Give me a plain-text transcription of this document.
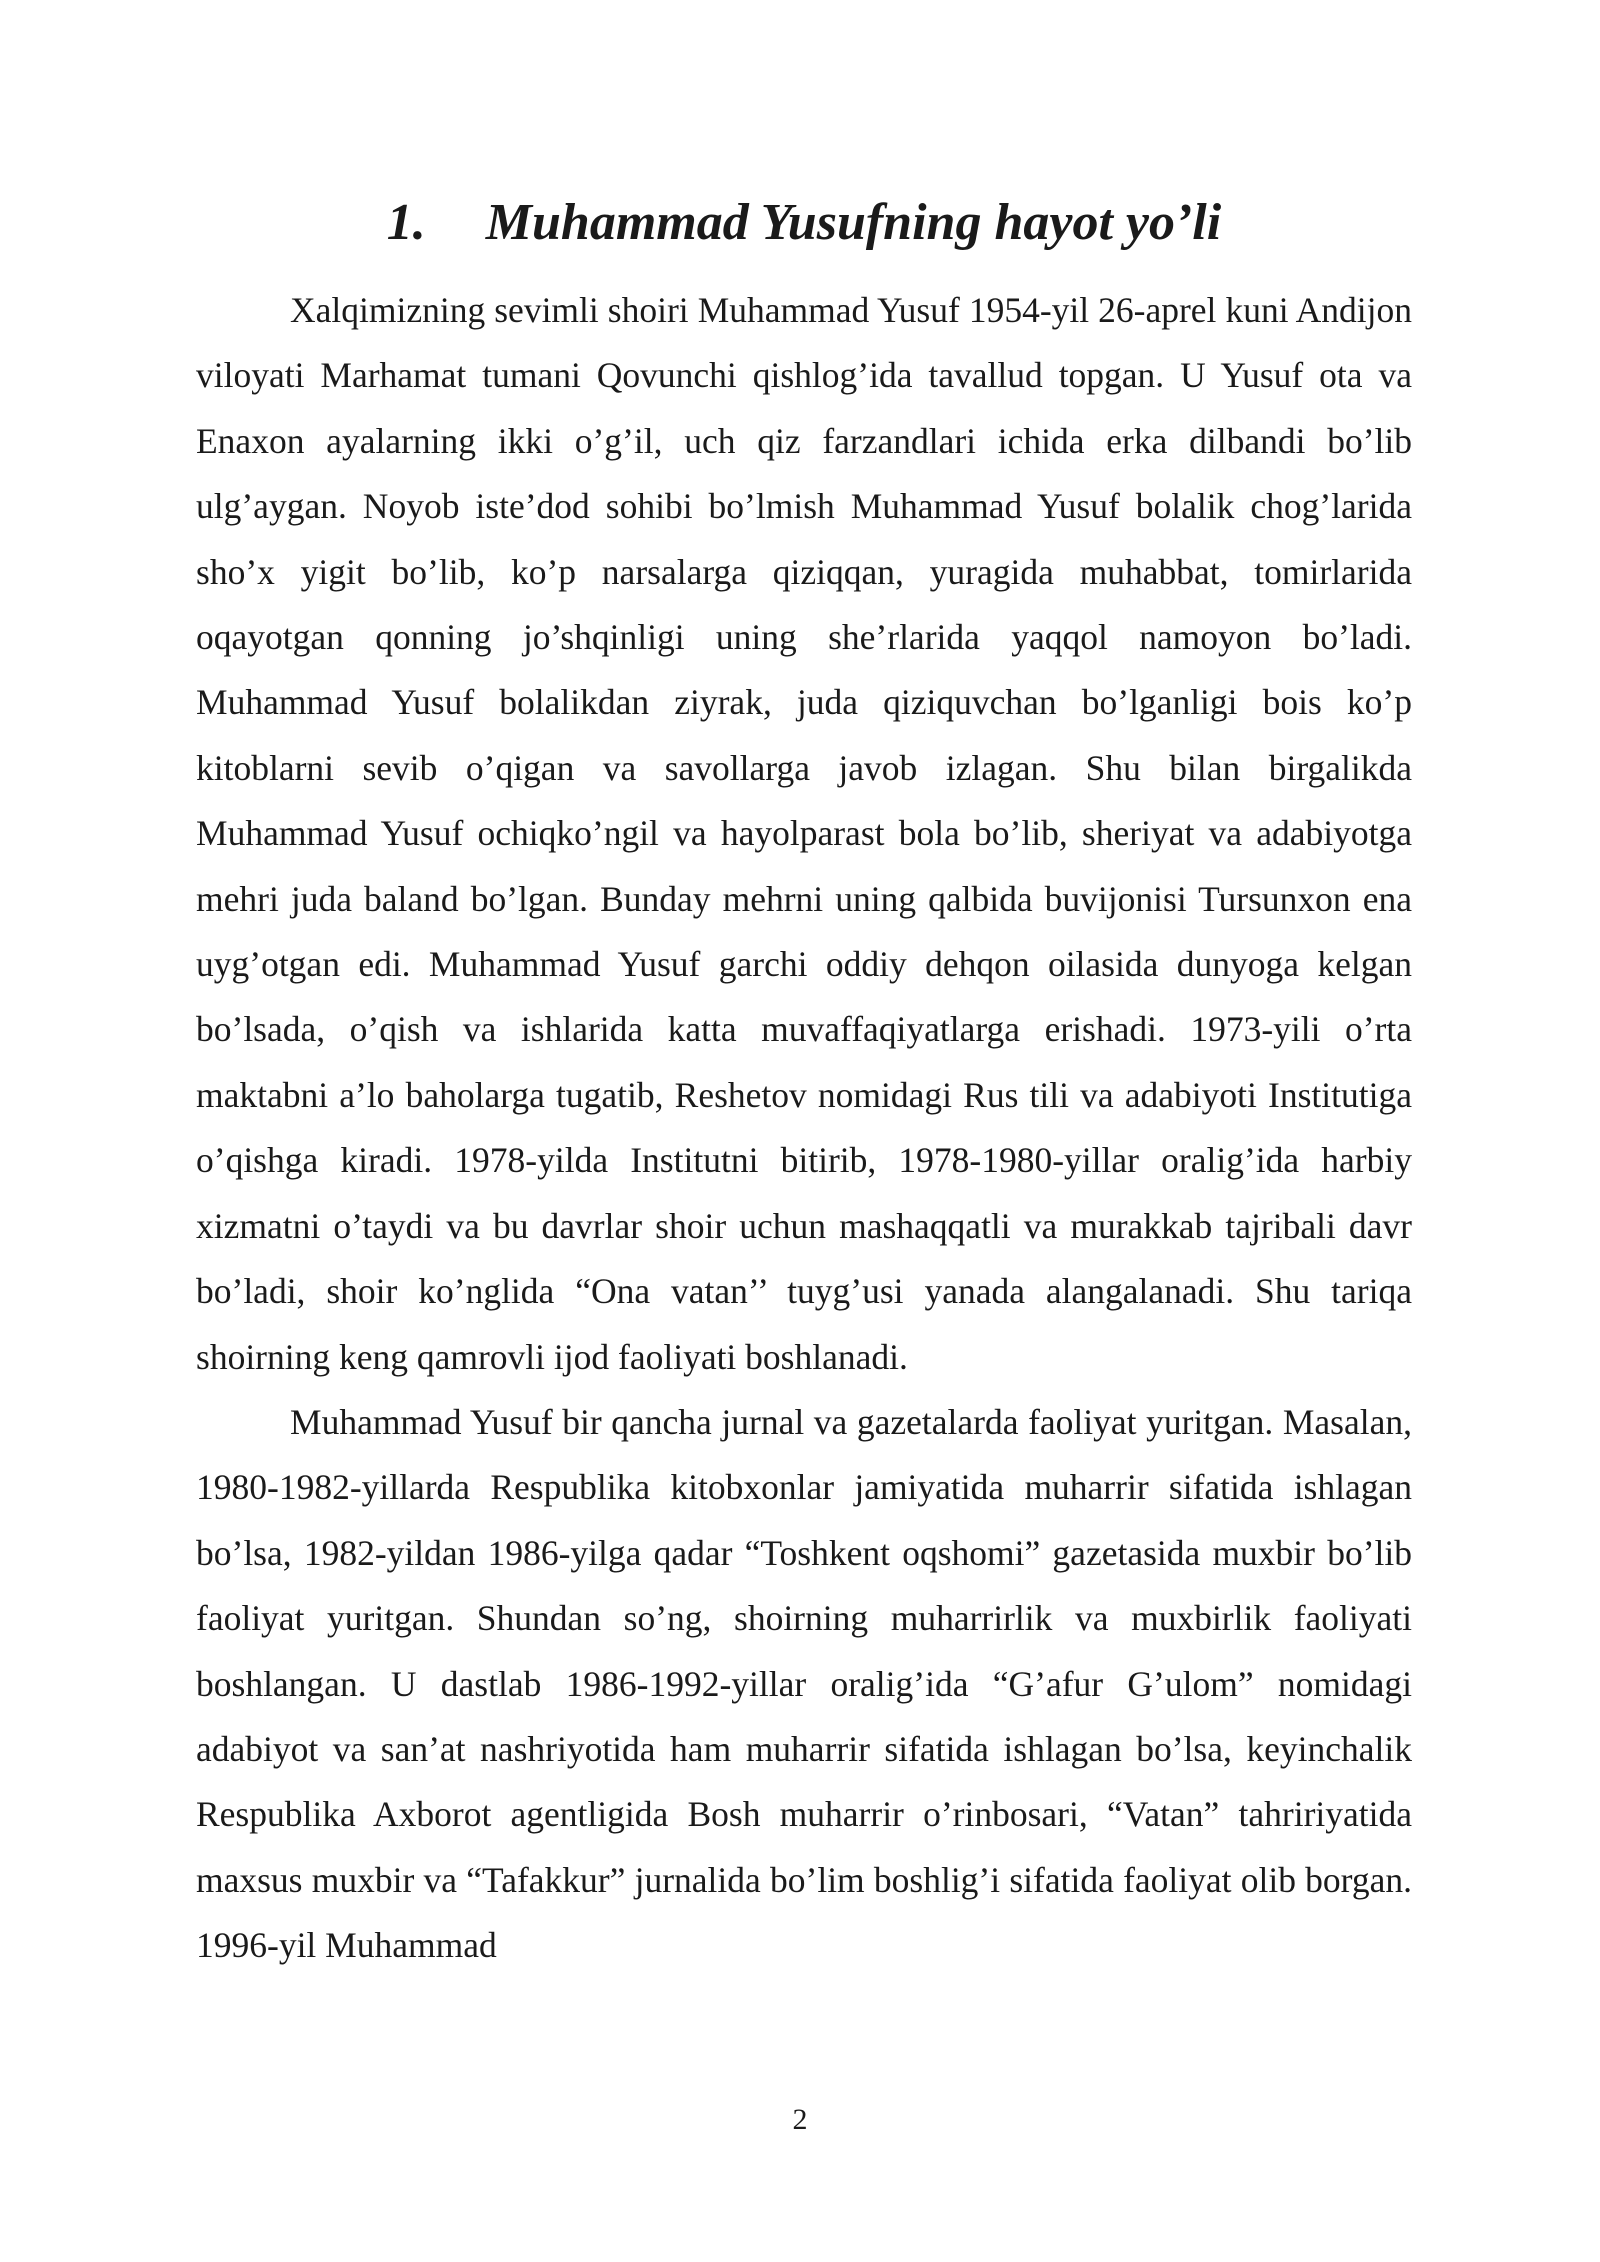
1. Muhammad Yusufning hayot yo’li

Xalqimizning sevimli shoiri Muhammad Yusuf 1954-yil 26-aprel kuni Andijon viloyati Marhamat tumani Qovunchi qishlog’ida tavallud topgan. U Yusuf ota va Enaxon ayalarning ikki o’g’il, uch qiz farzandlari ichida erka dilbandi bo’lib ulg’aygan. Noyob iste’dod sohibi bo’lmish Muhammad Yusuf bolalik chog’larida sho’x yigit bo’lib, ko’p narsalarga qiziqqan, yuragida muhabbat, tomirlarida oqayotgan qonning jo’shqinligi uning she’rlarida yaqqol namoyon bo’ladi. Muhammad Yusuf bolalikdan ziyrak, juda qiziquvchan bo’lganligi bois ko’p kitoblarni sevib o’qigan va savollarga javob izlagan. Shu bilan birgalikda Muhammad Yusuf ochiqko’ngil va hayolparast bola bo’lib, sheriyat va adabiyotga mehri juda baland bo’lgan. Bunday mehrni uning qalbida buvijonisi Tursunxon ena uyg’otgan edi. Muhammad Yusuf garchi oddiy dehqon oilasida dunyoga kelgan bo’lsada, o’qish va ishlarida katta muvaffaqiyatlarga erishadi. 1973-yili o’rta maktabni a’lo baholarga tugatib, Reshetov nomidagi Rus tili va adabiyoti Institutiga o’qishga kiradi. 1978-yilda Institutni bitirib, 1978-1980-yillar oralig’ida harbiy xizmatni o’taydi va bu davrlar shoir uchun mashaqqatli va murakkab tajribali davr bo’ladi, shoir ko’nglida “Ona vatan’’ tuyg’usi yanada alangalanadi. Shu tariqa shoirning keng qamrovli ijod faoliyati boshlanadi.

Muhammad Yusuf bir qancha jurnal va gazetalarda faoliyat yuritgan. Masalan, 1980-1982-yillarda Respublika kitobxonlar jamiyatida muharrir sifatida ishlagan bo’lsa, 1982-yildan 1986-yilga qadar “Toshkent oqshomi” gazetasida muxbir bo’lib faoliyat yuritgan. Shundan so’ng, shoirning muharrirlik va muxbirlik faoliyati boshlangan. U dastlab 1986-1992-yillar oralig’ida “G’afur G’ulom” nomidagi adabiyot va san’at nashriyotida ham muharrir sifatida ishlagan bo’lsa, keyinchalik Respublika Axborot agentligida Bosh muharrir o’rinbosari, “Vatan” tahririyatida maxsus muxbir va “Tafakkur” jurnalida bo’lim boshlig’i sifatida faoliyat olib borgan. 1996-yil Muhammad

2
